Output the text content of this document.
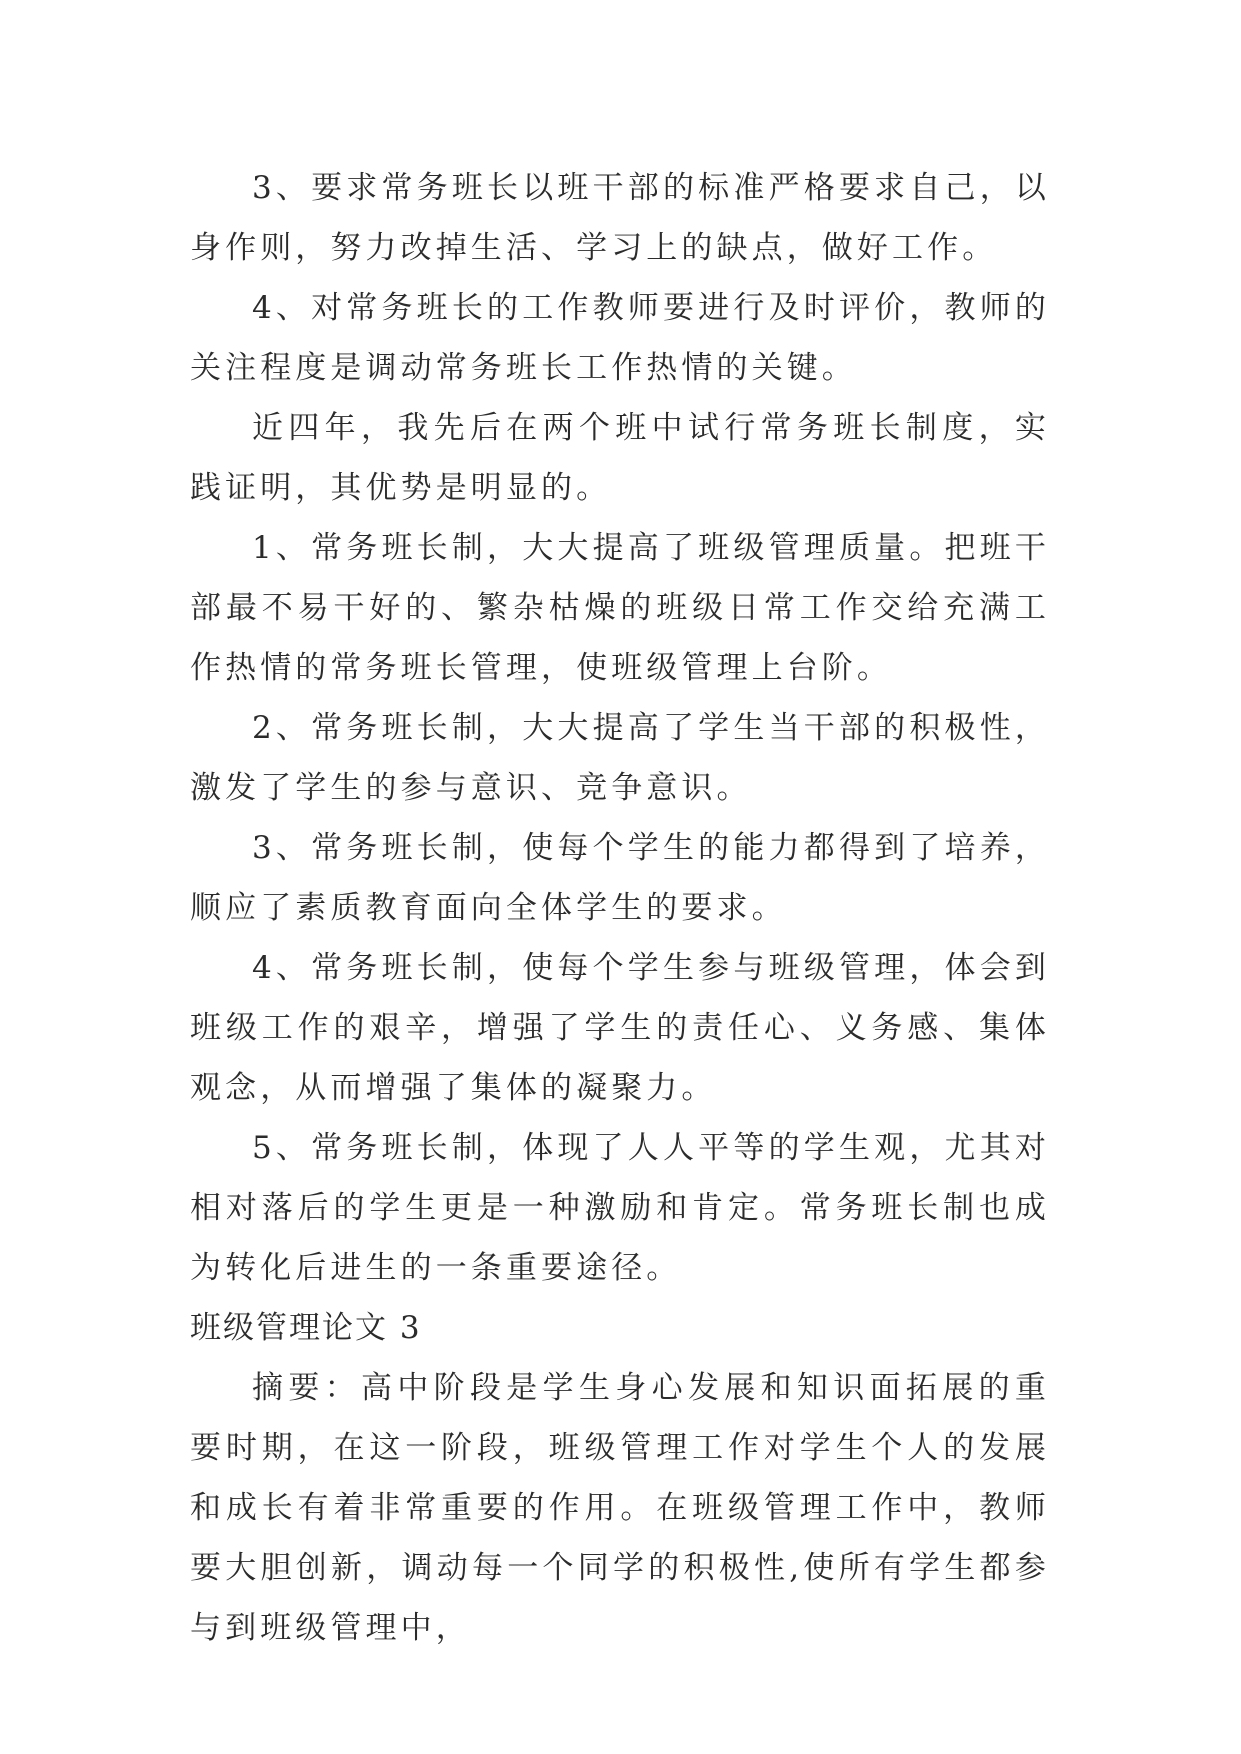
3、要求常务班长以班干部的标准严格要求自己，以身作则，努力改掉生活、学习上的缺点，做好工作。

4、对常务班长的工作教师要进行及时评价，教师的关注程度是调动常务班长工作热情的关键。

近四年，我先后在两个班中试行常务班长制度，实践证明，其优势是明显的。

1、常务班长制，大大提高了班级管理质量。把班干部最不易干好的、繁杂枯燥的班级日常工作交给充满工作热情的常务班长管理，使班级管理上台阶。

2、常务班长制，大大提高了学生当干部的积极性，激发了学生的参与意识、竞争意识。

3、常务班长制，使每个学生的能力都得到了培养，顺应了素质教育面向全体学生的要求。

4、常务班长制，使每个学生参与班级管理，体会到班级工作的艰辛，增强了学生的责任心、义务感、集体观念，从而增强了集体的凝聚力。

5、常务班长制，体现了人人平等的学生观，尤其对相对落后的学生更是一种激励和肯定。常务班长制也成为转化后进生的一条重要途径。

班级管理论文 3

摘要：高中阶段是学生身心发展和知识面拓展的重要时期，在这一阶段，班级管理工作对学生个人的发展和成长有着非常重要的作用。在班级管理工作中，教师要大胆创新，调动每一个同学的积极性,使所有学生都参与到班级管理中，
